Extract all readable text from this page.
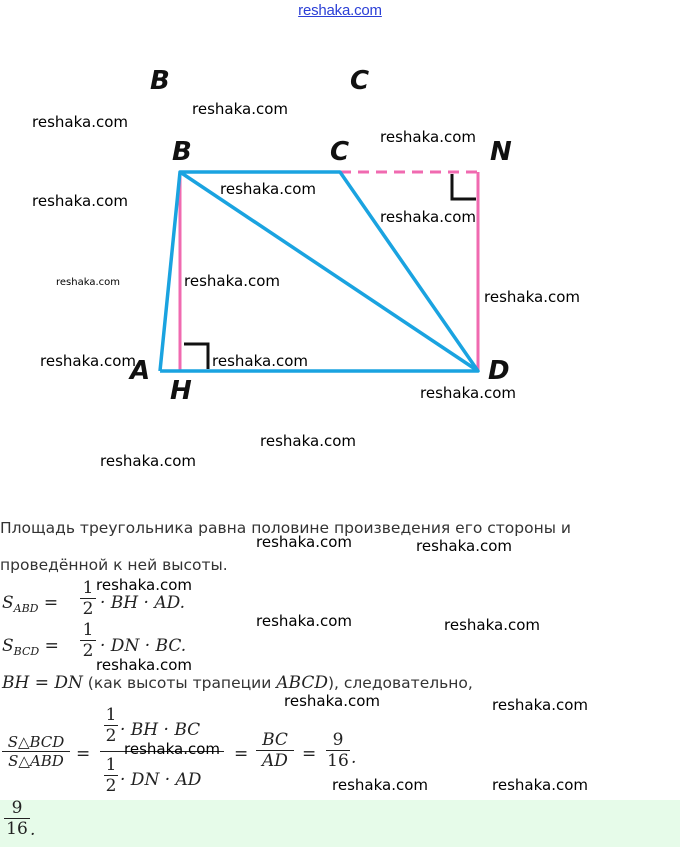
reshaka.com
B	C
B	C	N
A
H
D
reshaka.com
reshaka.com
reshaka.com
reshaka.com
reshaka.com
reshaka.com
reshaka.com
reshaka.com
reshaka.com
reshaka.com	reshaka.com
reshaka.com
reshaka.com
reshaka.com
Площадь треугольника равна половине произведения его стороны и
проведённой к ней высоты.
$S_{ABD} = \frac{1}{2}$ · BH · AD.
$S_{BCD} = \frac{1}{2}$ · DN · BC.
BH = DN (как высоты трапеции ABCD), следовательно,
S△BCD
S△ABD =
$\frac{1}{2}$ · BH · BC
$\frac{1}{2}$ · DN · AD
= $\frac{BC}{AD} = \frac{9}{16}$ .
reshaka.com	reshaka.com
reshaka.com
reshaka.com	reshaka.com
reshaka.com
reshaka.com	reshaka.com
reshaka.com
reshaka.com	reshaka.com
$\frac{9}{16}$ .
